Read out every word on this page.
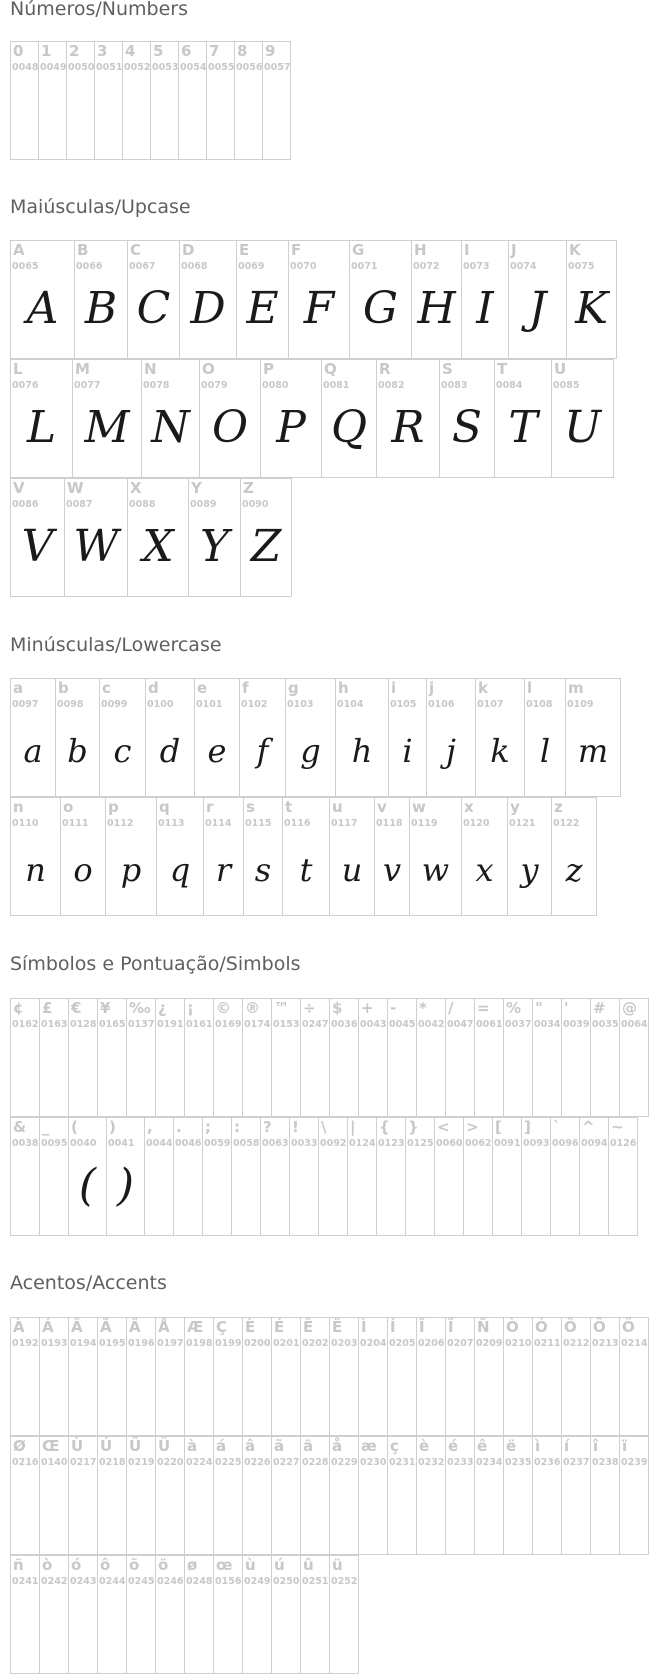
Números/Numbers
0
0048
1
0049
2
0050
3
0051
4
0052
5
0053
6
0054
7
0055
8
0056
9
0057
Maiúsculas/Upcase
A
0065
A
B
0066
B
C
0067
C
D
0068
D
E
0069
E
F
0070
F
G
0071
G
H
0072
H
I
0073
I
J
0074
J
K
0075
K
L
0076
L
M
0077
M
N
0078
N
O
0079
O
P
0080
P
Q
0081
Q
R
0082
R
S
0083
S
T
0084
T
U
0085
U
V
0086
V
W
0087
W
X
0088
X
Y
0089
Y
Z
0090
Z
Minúsculas/Lowercase
a
0097
a
b
0098
b
c
0099
c
d
0100
d
e
0101
e
f
0102
f
g
0103
g
h
0104
h
i
0105
i
j
0106
j
k
0107
k
l
0108
l
m
0109
m
n
0110
n
o
0111
o
p
0112
p
q
0113
q
r
0114
r
s
0115
s
t
0116
t
u
0117
u
v
0118
v
w
0119
w
x
0120
x
y
0121
y
z
0122
z
Símbolos e Pontuação/Simbols
¢
0162
£
0163
€
0128
¥
0165
‰
0137
¿
0191
¡
0161
©
0169
®
0174
™
0153
÷
0247
$
0036
+
0043
-
0045
*
0042
/
0047
=
0061
%
0037
"
0034
'
0039
#
0035
@
0064
&
0038
_
0095
(
0040
(
)
0041
)
,
0044
.
0046
;
0059
:
0058
?
0063
!
0033
\
0092
|
0124
{
0123
}
0125
<
0060
>
0062
[
0091
]
0093
`
0096
^
0094
~
0126
Acentos/Accents
À
0192
Á
0193
Â
0194
Ã
0195
Ä
0196
Å
0197
Æ
0198
Ç
0199
È
0200
É
0201
Ê
0202
Ë
0203
Ì
0204
Í
0205
Î
0206
Ï
0207
Ñ
0209
Ò
0210
Ó
0211
Ô
0212
Õ
0213
Ö
0214
Ø
0216
Œ
0140
Ù
0217
Ú
0218
Û
0219
Ü
0220
à
0224
á
0225
â
0226
ã
0227
ä
0228
å
0229
æ
0230
ç
0231
è
0232
é
0233
ê
0234
ë
0235
ì
0236
í
0237
î
0238
ï
0239
ñ
0241
ò
0242
ó
0243
ô
0244
õ
0245
ö
0246
ø
0248
œ
0156
ù
0249
ú
0250
û
0251
ü
0252
